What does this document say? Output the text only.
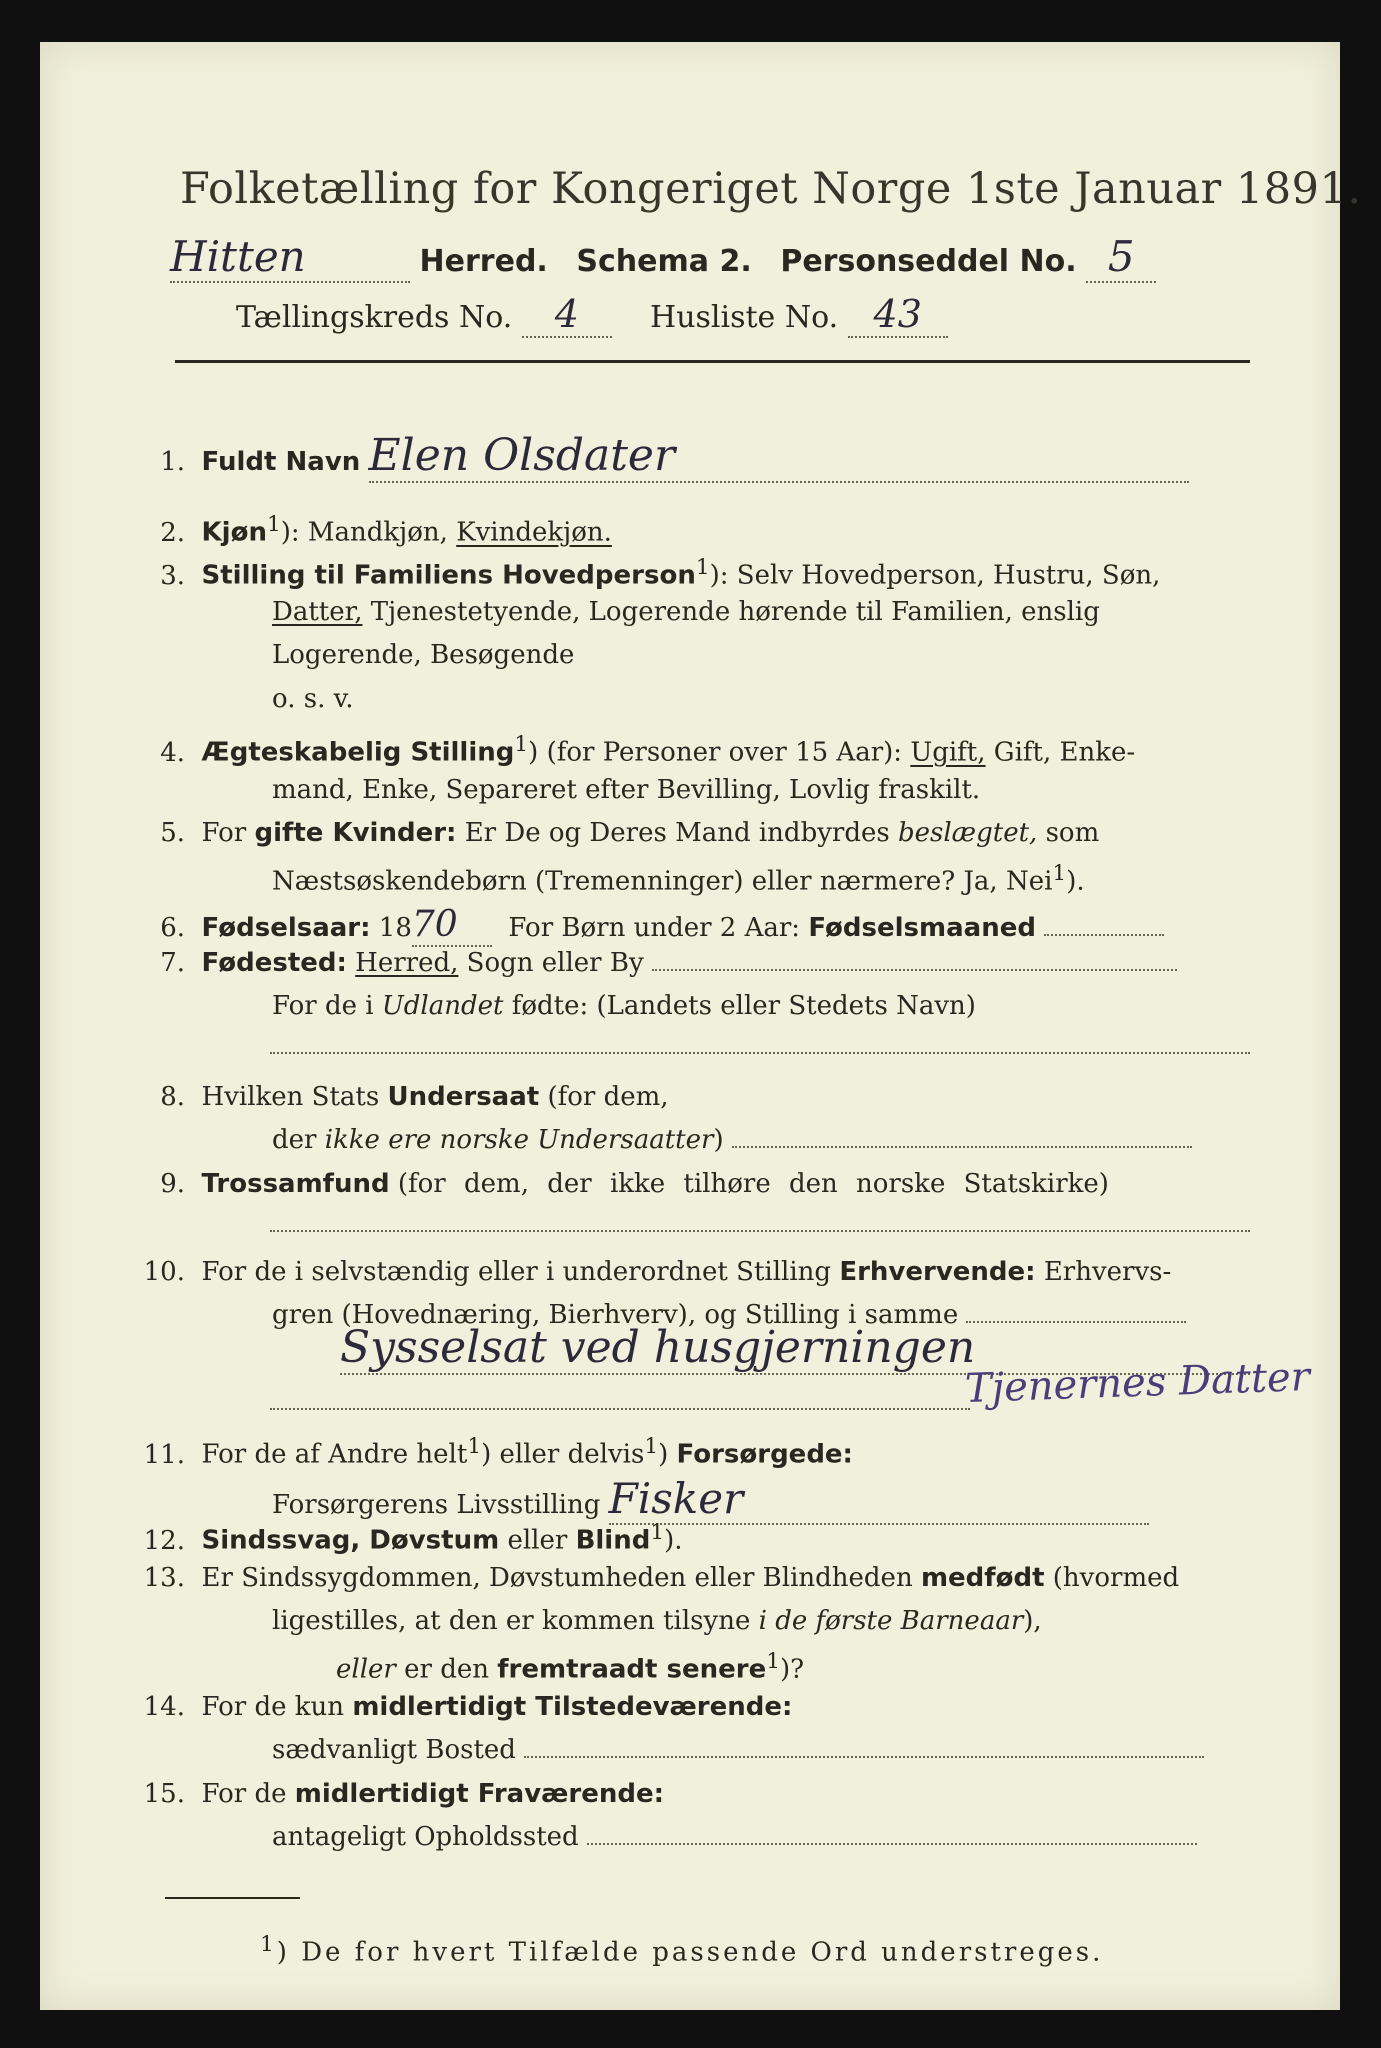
Folketælling for Kongeriget Norge 1ste Januar 1891.
Hitten	Herred. Schema 2. Personseddel No. 5
Tællingskreds No. 4 Husliste No. 43
1. Fuldt Navn Elen Olsdater
2. Kjøn$^1$): Mandkjøn, Kvindekjøn.
3. Stilling til Familiens Hovedperson$^1$): Selv Hovedperson, Hustru, Søn,
Datter, Tjenestetyende, Logerende hørende til Familien, enslig
Logerende, Besøgende
o. s. v.
4. Ægteskabelig Stilling$^1$) (for Personer over 15 Aar): Ugift, Gift, Enke-
mand, Enke, Separeret efter Bevilling, Lovlig fraskilt.
5. For gifte Kvinder: Er De og Deres Mand indbyrdes beslægtet, som
Næstsøskendebørn (Tremenninger) eller nærmere? Ja, Nei$^1$).
6. Fødselsaar: 1870 For Børn under 2 Aar: Fødselsmaaned
7. Fødested: Herred, Sogn eller By
For de i Udlandet fødte: (Landets eller Stedets Navn)
8. Hvilken Stats Undersaat (for dem,
der ikke ere norske Undersaatter)
9. Trossamfund (for dem, der ikke tilhøre den norske Statskirke)
10. For de i selvstændig eller i underordnet Stilling Erhvervende: Erhvervs-
gren (Hovednæring, Bierhverv), og Stilling i samme
Sysselsat ved husgjerningen
Tjenernes Datter
11. For de af Andre helt$^1$) eller delvis$^1$) Forsørgede:
Forsørgerens Livsstilling Fisker
12. Sindssvag, Døvstum eller Blind$^1$).
13. Er Sindssygdommen, Døvstumheden eller Blindheden medfødt (hvormed
ligestilles, at den er kommen tilsyne i de første Barneaar),
eller er den fremtraadt senere$^1$)?
14. For de kun midlertidigt Tilstedeværende:
sædvanligt Bosted
15. For de midlertidigt Fraværende:
antageligt Opholdssted
$^1$) De for hvert Tilfælde passende Ord understreges.
